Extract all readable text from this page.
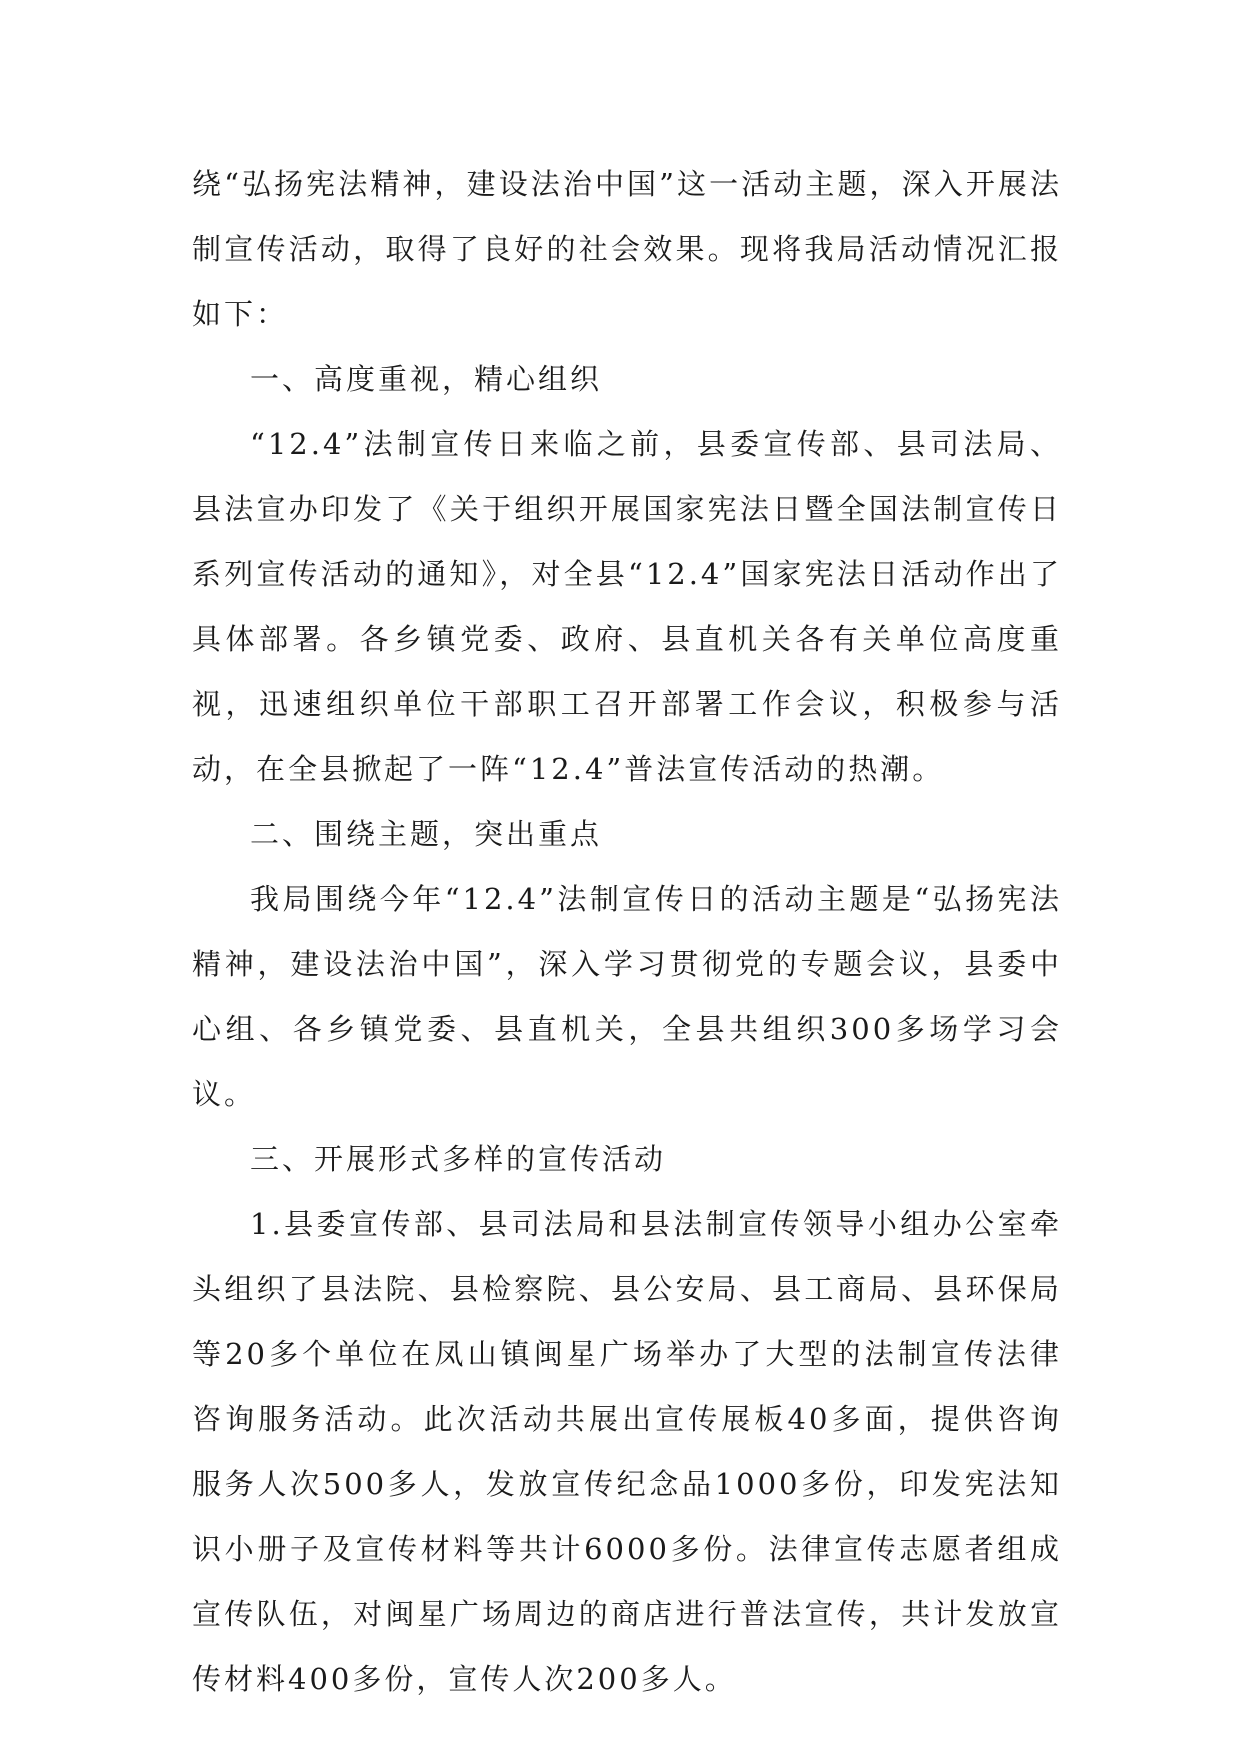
绕“弘扬宪法精神，建设法治中国”这一活动主题，深入开展法制宣传活动，取得了良好的社会效果。现将我局活动情况汇报如下：

一、高度重视，精心组织

“12.4”法制宣传日来临之前，县委宣传部、县司法局、县法宣办印发了《关于组织开展国家宪法日暨全国法制宣传日系列宣传活动的通知》，对全县“12.4”国家宪法日活动作出了具体部署。各乡镇党委、政府、县直机关各有关单位高度重视，迅速组织单位干部职工召开部署工作会议，积极参与活动，在全县掀起了一阵“12.4”普法宣传活动的热潮。

二、围绕主题，突出重点

我局围绕今年“12.4”法制宣传日的活动主题是“弘扬宪法精神，建设法治中国”，深入学习贯彻党的专题会议，县委中心组、各乡镇党委、县直机关，全县共组织300多场学习会议。

三、开展形式多样的宣传活动

1.县委宣传部、县司法局和县法制宣传领导小组办公室牵头组织了县法院、县检察院、县公安局、县工商局、县环保局等20多个单位在凤山镇闽星广场举办了大型的法制宣传法律咨询服务活动。此次活动共展出宣传展板40多面，提供咨询服务人次500多人，发放宣传纪念品1000多份，印发宪法知识小册子及宣传材料等共计6000多份。法律宣传志愿者组成宣传队伍，对闽星广场周边的商店进行普法宣传，共计发放宣传材料400多份，宣传人次200多人。
